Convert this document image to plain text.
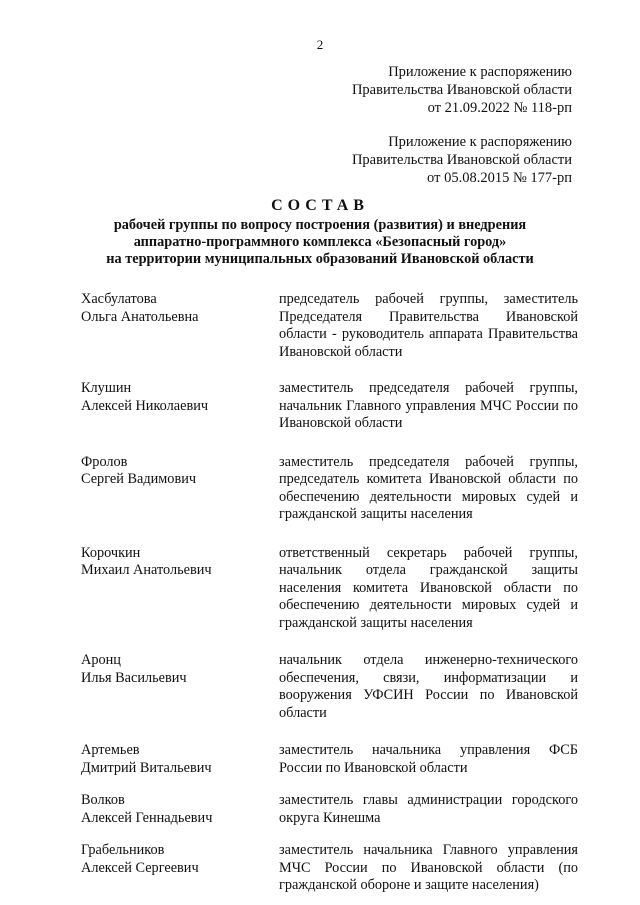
2
Приложение к распоряжению
Правительства Ивановской области
от 21.09.2022 № 118-рп
Приложение к распоряжению
Правительства Ивановской области
от 05.08.2015 № 177-рп
СОСТАВ
рабочей группы по вопросу построения (развития) и внедрения
аппаратно-программного комплекса «Безопасный город»
на территории муниципальных образований Ивановской области
Хасбулатова
Ольга Анатольевна
председатель рабочей группы, заместитель Председателя Правительства Ивановской области - руководитель аппарата Правительства Ивановской области
Клушин
Алексей Николаевич
заместитель председателя рабочей группы, начальник Главного управления МЧС России по Ивановской области
Фролов
Сергей Вадимович
заместитель председателя рабочей группы, председатель комитета Ивановской области по обеспечению деятельности мировых судей и гражданской защиты населения
Корочкин
Михаил Анатольевич
ответственный секретарь рабочей группы, начальник отдела гражданской защиты населения комитета Ивановской области по обеспечению деятельности мировых судей и гражданской защиты населения
Аронц
Илья Васильевич
начальник отдела инженерно-технического обеспечения, связи, информатизации и вооружения УФСИН России по Ивановской области
Артемьев
Дмитрий Витальевич
заместитель начальника управления ФСБ России по Ивановской области
Волков
Алексей Геннадьевич
заместитель главы администрации городского округа Кинешма
Грабельников
Алексей Сергеевич
заместитель начальника Главного управления МЧС России по Ивановской области (по гражданской обороне и защите населения)
